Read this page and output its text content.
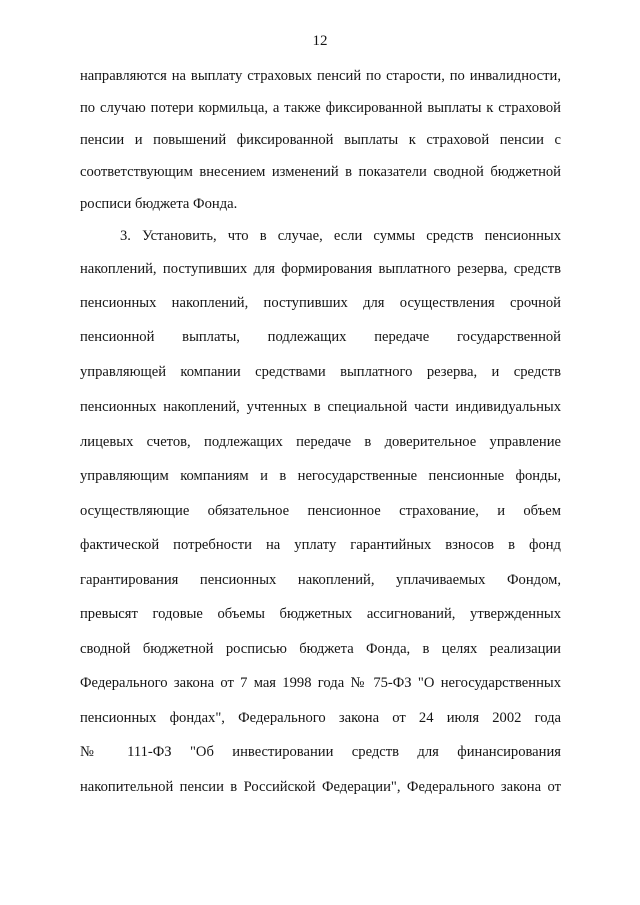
12
направляются на выплату страховых пенсий по старости, по инвалидности,
по случаю потери кормильца, а также фиксированной выплаты к страховой
пенсии и повышений фиксированной выплаты к страховой пенсии с
соответствующим внесением изменений в показатели сводной бюджетной
росписи бюджета Фонда.
3. Установить, что в случае, если суммы средств пенсионных
накоплений, поступивших для формирования выплатного резерва, средств
пенсионных накоплений, поступивших для осуществления срочной
пенсионной выплаты, подлежащих передаче государственной
управляющей компании средствами выплатного резерва, и средств
пенсионных накоплений, учтенных в специальной части индивидуальных
лицевых счетов, подлежащих передаче в доверительное управление
управляющим компаниям и в негосударственные пенсионные фонды,
осуществляющие обязательное пенсионное страхование, и объем
фактической потребности на уплату гарантийных взносов в фонд
гарантирования пенсионных накоплений, уплачиваемых Фондом,
превысят годовые объемы бюджетных ассигнований, утвержденных
сводной бюджетной росписью бюджета Фонда, в целях реализации
Федерального закона от 7 мая 1998 года № 75-ФЗ "О негосударственных
пенсионных фондах", Федерального закона от 24 июля 2002 года
№ 111-ФЗ "Об инвестировании средств для финансирования
накопительной пенсии в Российской Федерации", Федерального закона от
